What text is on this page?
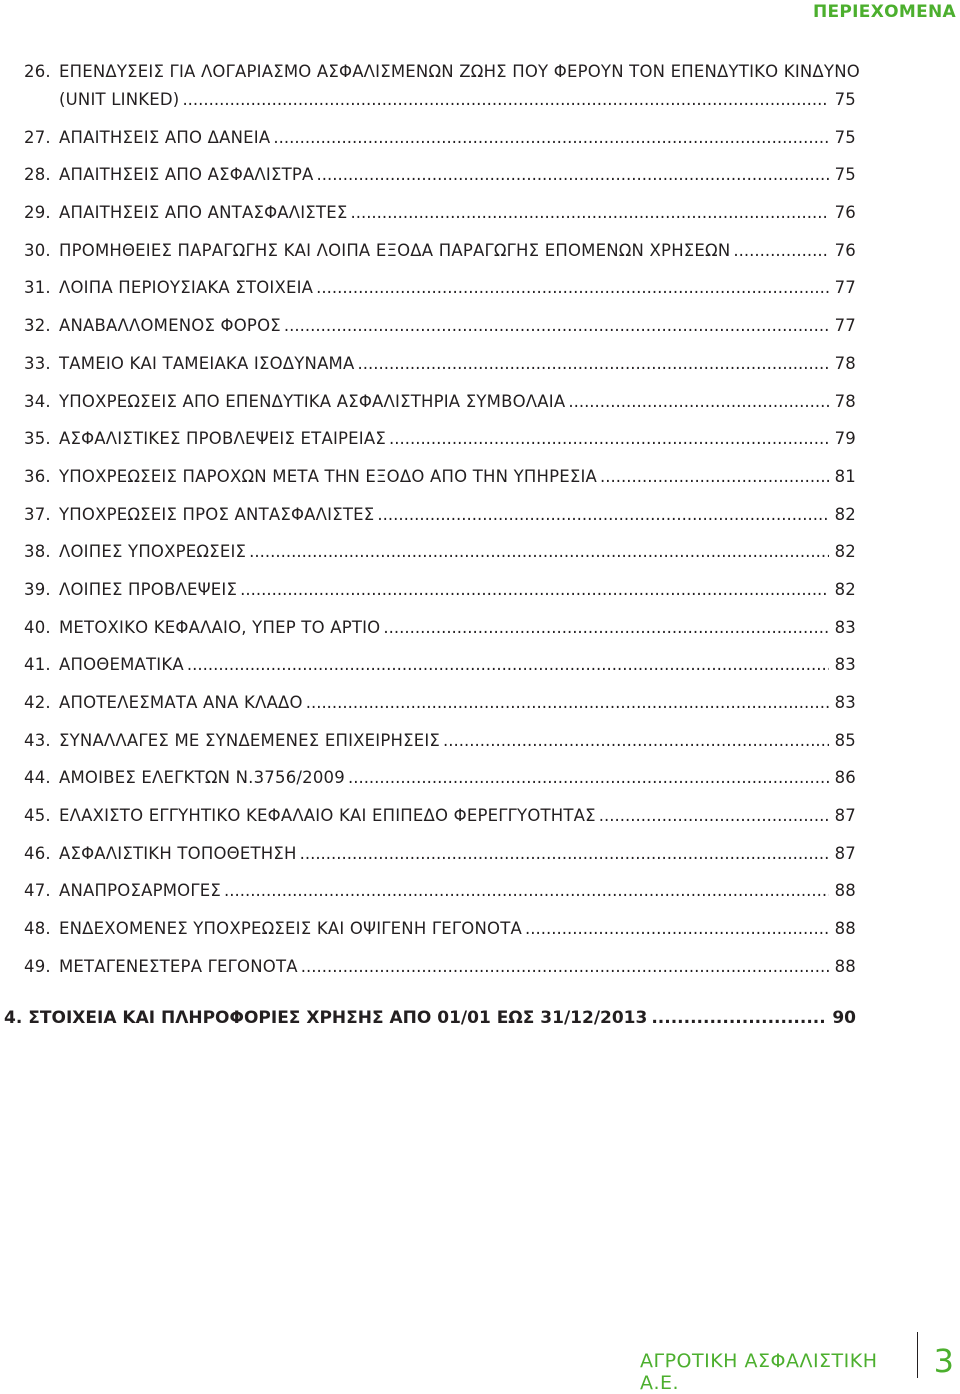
ΠΕΡΙΕΧΟΜΕΝΑ
26. ΕΠΕΝΔΥΣΕΙΣ ΓΙΑ ΛΟΓΑΡΙΑΣΜΟ ΑΣΦΑΛΙΣΜΕΝΩΝ ΖΩΗΣ ΠΟΥ ΦΕΡΟΥΝ ΤΟΝ ΕΠΕΝΔΥΤΙΚΟ ΚΙΝΔΥΝΟ
(UNIT LINKED) .....	75
27. ΑΠΑΙΤΗΣΕΙΣ ΑΠΟ ΔΑΝΕΙΑ .....	75
28. ΑΠΑΙΤΗΣΕΙΣ ΑΠΟ ΑΣΦΑΛΙΣΤΡΑ .....	75
29. ΑΠΑΙΤΗΣΕΙΣ ΑΠΟ ΑΝΤΑΣΦΑΛΙΣΤΕΣ .....	76
30. ΠΡΟΜΗΘΕΙΕΣ ΠΑΡΑΓΩΓΗΣ ΚΑΙ ΛΟΙΠΑ ΕΞΟΔΑ ΠΑΡΑΓΩΓΗΣ ΕΠΟΜΕΝΩΝ ΧΡΗΣΕΩΝ .....	76
31. ΛΟΙΠΑ ΠΕΡΙΟΥΣΙΑΚΑ ΣΤΟΙΧΕΙΑ .....	77
32. ΑΝΑΒΑΛΛΟΜΕΝΟΣ ΦΟΡΟΣ .....	77
33. ΤΑΜΕΙΟ ΚΑΙ ΤΑΜΕΙΑΚΑ ΙΣΟΔΥΝΑΜΑ .....	78
34. ΥΠΟΧΡΕΩΣΕΙΣ ΑΠΟ ΕΠΕΝΔΥΤΙΚΑ ΑΣΦΑΛΙΣΤΗΡΙΑ ΣΥΜΒΟΛΑΙΑ .....	78
35. ΑΣΦΑΛΙΣΤΙΚΕΣ ΠΡΟΒΛΕΨΕΙΣ ΕΤΑΙΡΕΙΑΣ .....	79
36. ΥΠΟΧΡΕΩΣΕΙΣ ΠΑΡΟΧΩΝ ΜΕΤΑ ΤΗΝ ΕΞΟΔΟ ΑΠΟ ΤΗΝ ΥΠΗΡΕΣΙΑ .....	81
37. ΥΠΟΧΡΕΩΣΕΙΣ ΠΡΟΣ ΑΝΤΑΣΦΑΛΙΣΤΕΣ .....	82
38. ΛΟΙΠΕΣ ΥΠΟΧΡΕΩΣΕΙΣ .....	82
39. ΛΟΙΠΕΣ ΠΡΟΒΛΕΨΕΙΣ .....	82
40. ΜΕΤΟΧΙΚΟ ΚΕΦΑΛΑΙΟ, ΥΠΕΡ ΤΟ ΑΡΤΙΟ .....	83
41. ΑΠΟΘΕΜΑΤΙΚΑ .....	83
42. ΑΠΟΤΕΛΕΣΜΑΤΑ ΑΝΑ ΚΛΑΔΟ .....	83
43. ΣΥΝΑΛΛΑΓΕΣ ΜΕ ΣΥΝΔΕΜΕΝΕΣ ΕΠΙΧΕΙΡΗΣΕΙΣ .....	85
44. ΑΜΟΙΒΕΣ ΕΛΕΓΚΤΩΝ Ν.3756/2009 .....	86
45. ΕΛΑΧΙΣΤΟ ΕΓΓΥΗΤΙΚΟ ΚΕΦΑΛΑΙΟ ΚΑΙ ΕΠΙΠΕΔΟ ΦΕΡΕΓΓΥΟΤΗΤΑΣ .....	87
46. ΑΣΦΑΛΙΣΤΙΚΗ ΤΟΠΟΘΕΤΗΣΗ .....	87
47. ΑΝΑΠΡΟΣΑΡΜΟΓΕΣ .....	88
48. ΕΝΔΕΧΟΜΕΝΕΣ ΥΠΟΧΡΕΩΣΕΙΣ ΚΑΙ ΟΨΙΓΕΝΗ ΓΕΓΟΝΟΤΑ .....	88
49. ΜΕΤΑΓΕΝΕΣΤΕΡΑ ΓΕΓΟΝΟΤΑ .....	88
4. ΣΤΟΙΧΕΙΑ ΚΑΙ ΠΛΗΡΟΦΟΡΙΕΣ ΧΡΗΣΗΣ ΑΠΟ 01/01 ΕΩΣ 31/12/2013 .....	90
ΑΓΡΟΤΙΚΗ ΑΣΦΑΛΙΣΤΙΚΗ Α.Ε.
3
